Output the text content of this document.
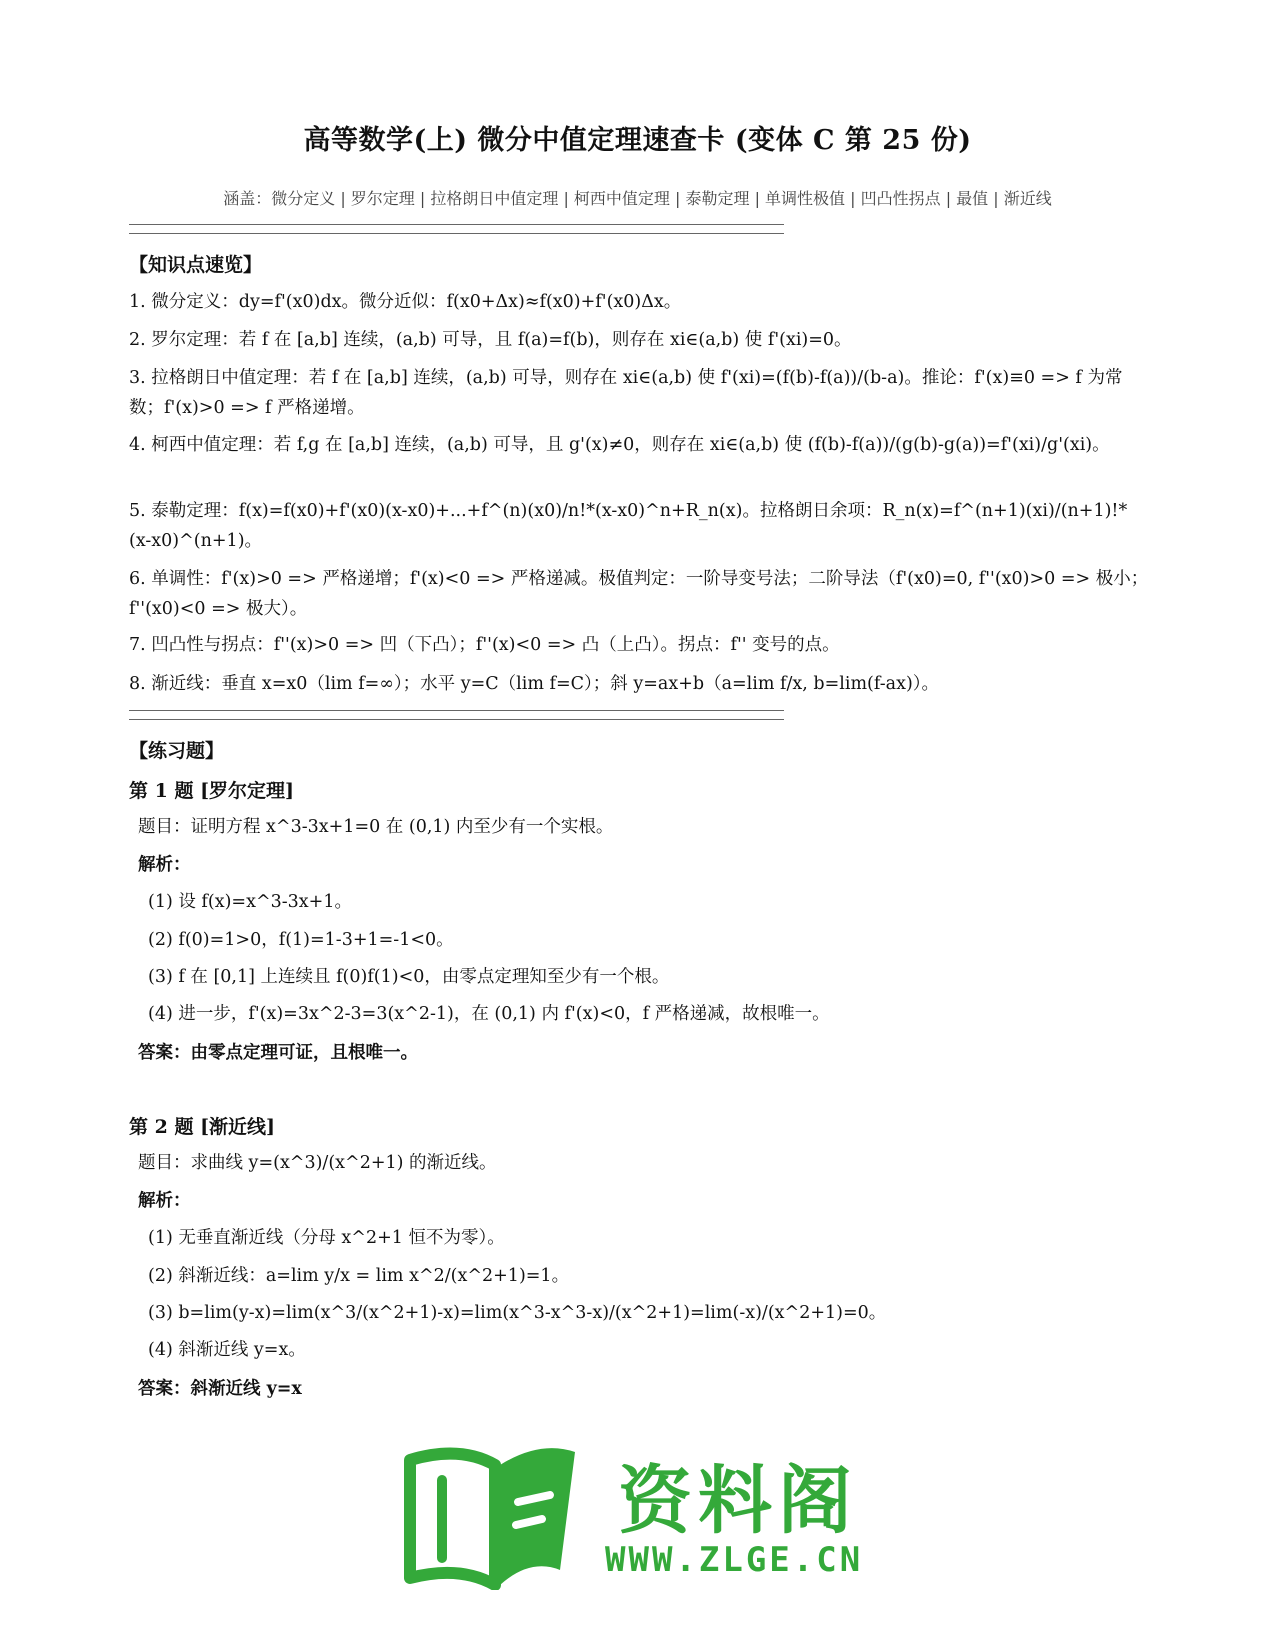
高等数学(上) 微分中值定理速查卡 (变体 C 第 25 份)
涵盖：微分定义 | 罗尔定理 | 拉格朗日中值定理 | 柯西中值定理 | 泰勒定理 | 单调性极值 | 凹凸性拐点 | 最值 | 渐近线
【知识点速览】
1. 微分定义：dy=f'(x0)dx。微分近似：f(x0+Δx)≈f(x0)+f'(x0)Δx。
2. 罗尔定理：若 f 在 [a,b] 连续，(a,b) 可导，且 f(a)=f(b)，则存在 xi∈(a,b) 使 f'(xi)=0。
3. 拉格朗日中值定理：若 f 在 [a,b] 连续，(a,b) 可导，则存在 xi∈(a,b) 使 f'(xi)=(f(b)-f(a))/(b-a)。推论：f'(x)≡0 => f 为常数；f'(x)>0 => f 严格递增。
4. 柯西中值定理：若 f,g 在 [a,b] 连续，(a,b) 可导，且 g'(x)≠0，则存在 xi∈(a,b) 使 (f(b)-f(a))/(g(b)-g(a))=f'(xi)/g'(xi)。
5. 泰勒定理：f(x)=f(x0)+f'(x0)(x-x0)+...+f^(n)(x0)/n!*(x-x0)^n+R_n(x)。拉格朗日余项：R_n(x)=f^(n+1)(xi)/(n+1)!*(x-x0)^(n+1)。
6. 单调性：f'(x)>0 => 严格递增；f'(x)<0 => 严格递减。极值判定：一阶导变号法；二阶导法（f'(x0)=0, f''(x0)>0 => 极小；f''(x0)<0 => 极大）。
7. 凹凸性与拐点：f''(x)>0 => 凹（下凸）；f''(x)<0 => 凸（上凸）。拐点：f'' 变号的点。
8. 渐近线：垂直 x=x0（lim f=∞）；水平 y=C（lim f=C）；斜 y=ax+b（a=lim f/x, b=lim(f-ax)）。
【练习题】
第 1 题 [罗尔定理]
题目：证明方程 x^3-3x+1=0 在 (0,1) 内至少有一个实根。
解析：
(1) 设 f(x)=x^3-3x+1。
(2) f(0)=1>0，f(1)=1-3+1=-1<0。
(3) f 在 [0,1] 上连续且 f(0)f(1)<0，由零点定理知至少有一个根。
(4) 进一步，f'(x)=3x^2-3=3(x^2-1)，在 (0,1) 内 f'(x)<0，f 严格递减，故根唯一。
答案：由零点定理可证，且根唯一。
第 2 题 [渐近线]
题目：求曲线 y=(x^3)/(x^2+1) 的渐近线。
解析：
(1) 无垂直渐近线（分母 x^2+1 恒不为零）。
(2) 斜渐近线：a=lim y/x = lim x^2/(x^2+1)=1。
(3) b=lim(y-x)=lim(x^3/(x^2+1)-x)=lim(x^3-x^3-x)/(x^2+1)=lim(-x)/(x^2+1)=0。
(4) 斜渐近线 y=x。
答案：斜渐近线 y=x
资料阁
WWW.ZLGE.CN
